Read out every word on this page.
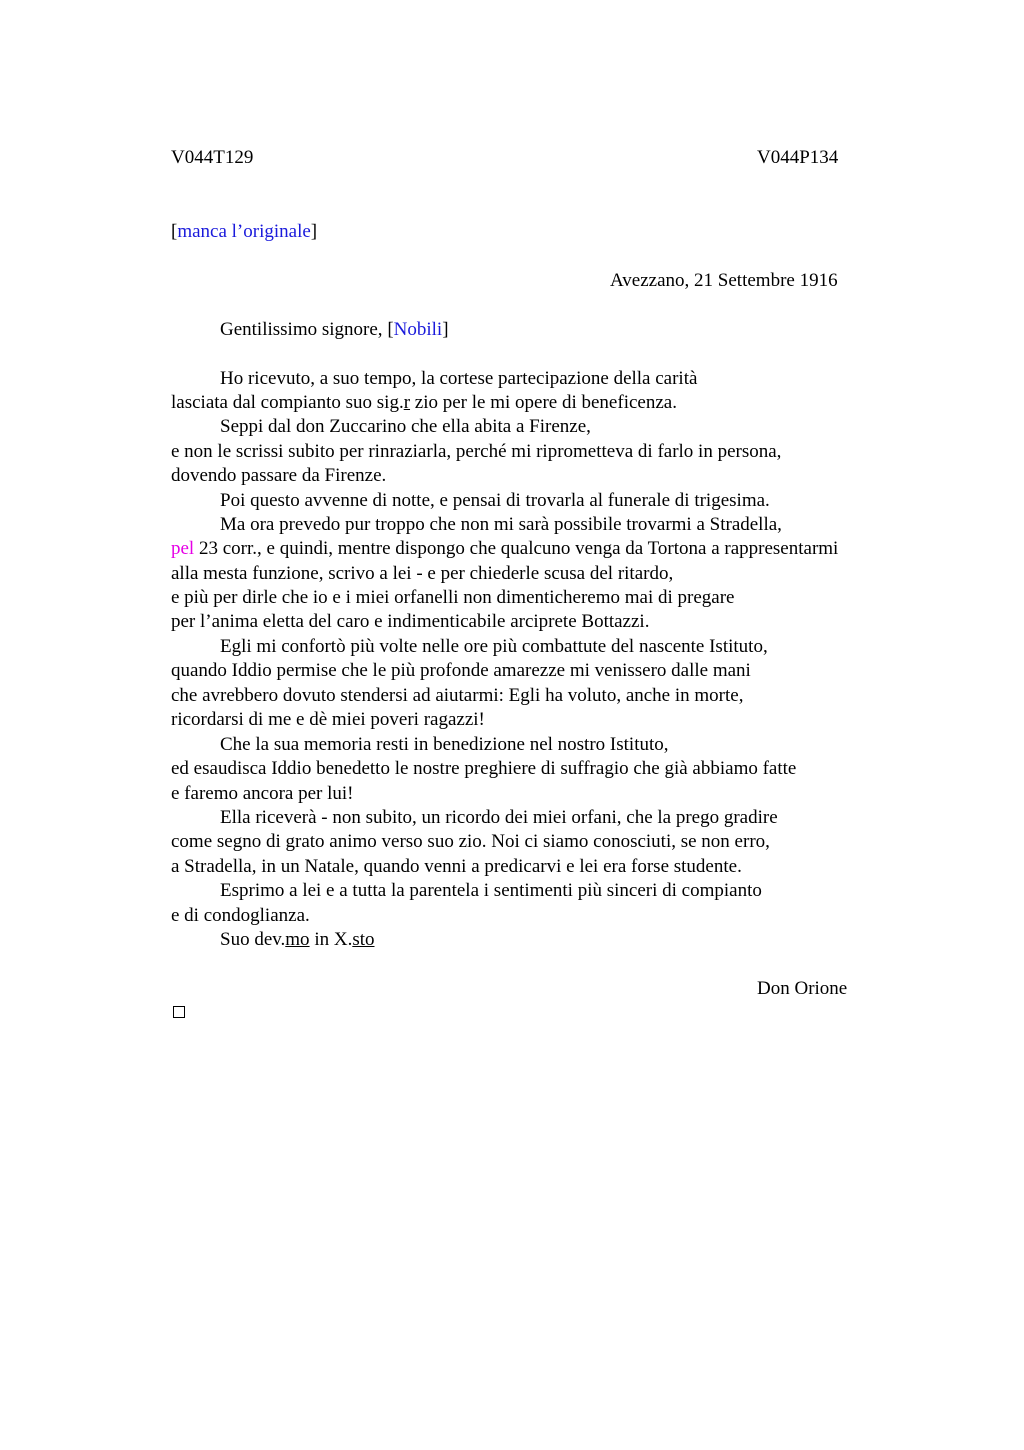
V044T129	V044P134
[manca l’originale]
Avezzano, 21 Settembre 1916
Gentilissimo signore, [Nobili]
Ho ricevuto, a suo tempo, la cortese partecipazione della carità
lasciata dal compianto suo sig.r zio per le mi opere di beneficenza.
Seppi dal don Zuccarino che ella abita a Firenze,
e non le scrissi subito per rinraziarla, perché mi riprometteva di farlo in persona,
dovendo passare da Firenze.
Poi questo avvenne di notte, e pensai di trovarla al funerale di trigesima.
Ma ora prevedo pur troppo che non mi sarà possibile trovarmi a Stradella,
pel 23 corr., e quindi, mentre dispongo che qualcuno venga da Tortona a rappresentarmi
alla mesta funzione, scrivo a lei - e per chiederle scusa del ritardo,
e più per dirle che io e i miei orfanelli non dimenticheremo mai di pregare
per l’anima eletta del caro e indimenticabile arciprete Bottazzi.
Egli mi confortò più volte nelle ore più combattute del nascente Istituto,
quando Iddio permise che le più profonde amarezze mi venissero dalle mani
che avrebbero dovuto stendersi ad aiutarmi: Egli ha voluto, anche in morte,
ricordarsi di me e dè miei poveri ragazzi!
Che la sua memoria resti in benedizione nel nostro Istituto,
ed esaudisca Iddio benedetto le nostre preghiere di suffragio che già abbiamo fatte
e faremo ancora per lui!
Ella riceverà - non subito, un ricordo dei miei orfani, che la prego gradire
come segno di grato animo verso suo zio. Noi ci siamo conosciuti, se non erro,
a Stradella, in un Natale, quando venni a predicarvi e lei era forse studente.
Esprimo a lei e a tutta la parentela i sentimenti più sinceri di compianto
e di condoglianza.
Suo dev.mo in X.sto
Don Orione
